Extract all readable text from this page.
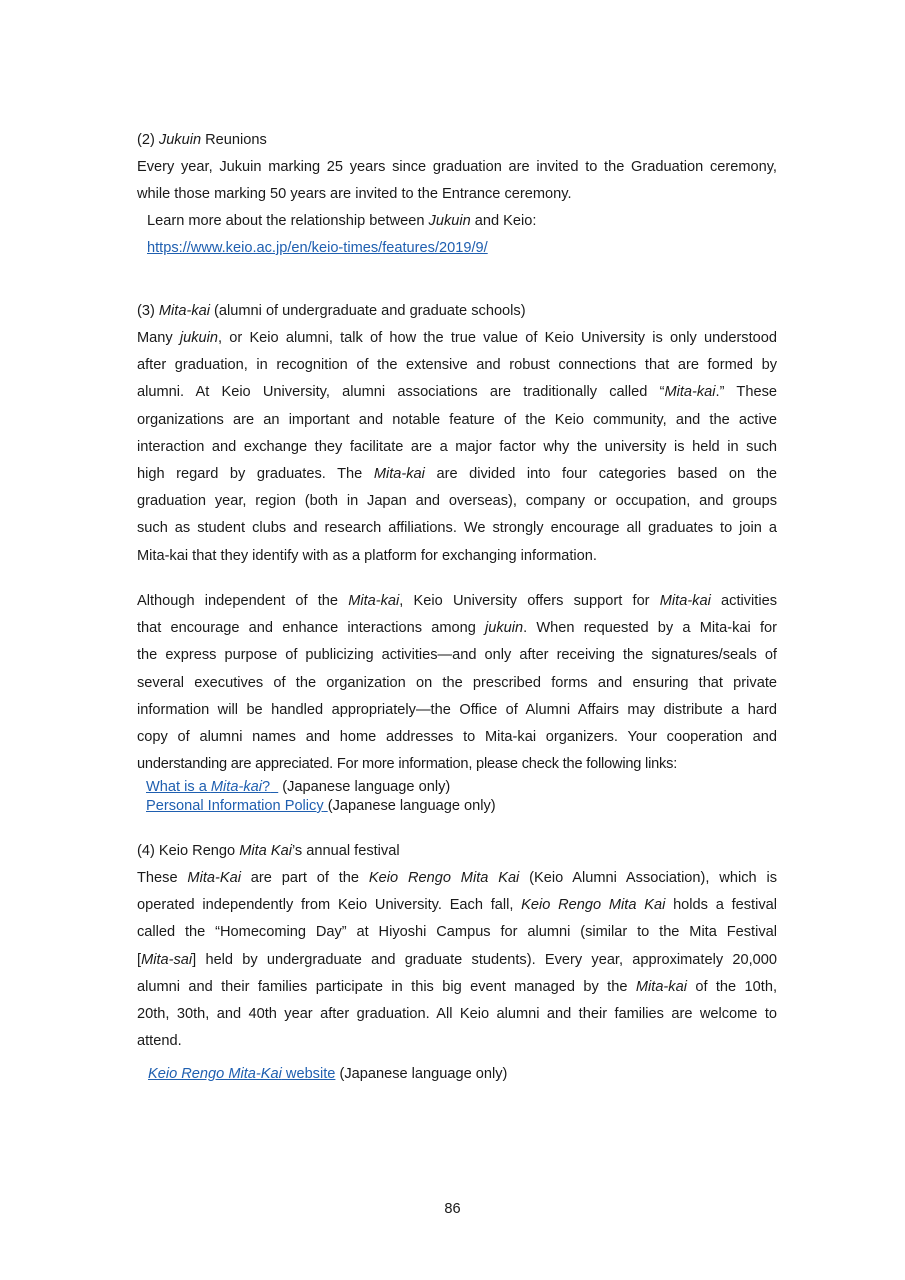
(2) Jukuin Reunions
Every year, Jukuin marking 25 years since graduation are invited to the Graduation ceremony,
while those marking 50 years are invited to the Entrance ceremony.
Learn more about the relationship between Jukuin and Keio:
https://www.keio.ac.jp/en/keio-times/features/2019/9/
(3) Mita-kai (alumni of undergraduate and graduate schools)
Many jukuin, or Keio alumni, talk of how the true value of Keio University is only understood
after graduation, in recognition of the extensive and robust connections that are formed by
alumni. At Keio University, alumni associations are traditionally called “Mita-kai.” These
organizations are an important and notable feature of the Keio community, and the active
interaction and exchange they facilitate are a major factor why the university is held in such
high regard by graduates. The Mita-kai are divided into four categories based on the
graduation year, region (both in Japan and overseas), company or occupation, and groups
such as student clubs and research affiliations. We strongly encourage all graduates to join a
Mita-kai that they identify with as a platform for exchanging information.
Although independent of the Mita-kai, Keio University offers support for Mita-kai activities
that encourage and enhance interactions among jukuin. When requested by a Mita-kai for
the express purpose of publicizing activities—and only after receiving the signatures/seals of
several executives of the organization on the prescribed forms and ensuring that private
information will be handled appropriately—the Office of Alumni Affairs may distribute a hard
copy of alumni names and home addresses to Mita-kai organizers. Your cooperation and
understanding are appreciated. For more information, please check the following links:
What is a Mita-kai?   (Japanese language only)
Personal Information Policy (Japanese language only)
(4) Keio Rengo Mita Kai’s annual festival
These Mita-Kai are part of the Keio Rengo Mita Kai (Keio Alumni Association), which is
operated independently from Keio University. Each fall, Keio Rengo Mita Kai holds a festival
called the “Homecoming Day” at Hiyoshi Campus for alumni (similar to the Mita Festival
[Mita-sai] held by undergraduate and graduate students). Every year, approximately 20,000
alumni and their families participate in this big event managed by the Mita-kai of the 10th,
20th, 30th, and 40th year after graduation. All Keio alumni and their families are welcome to
attend.
Keio Rengo Mita-Kai website (Japanese language only)
86
